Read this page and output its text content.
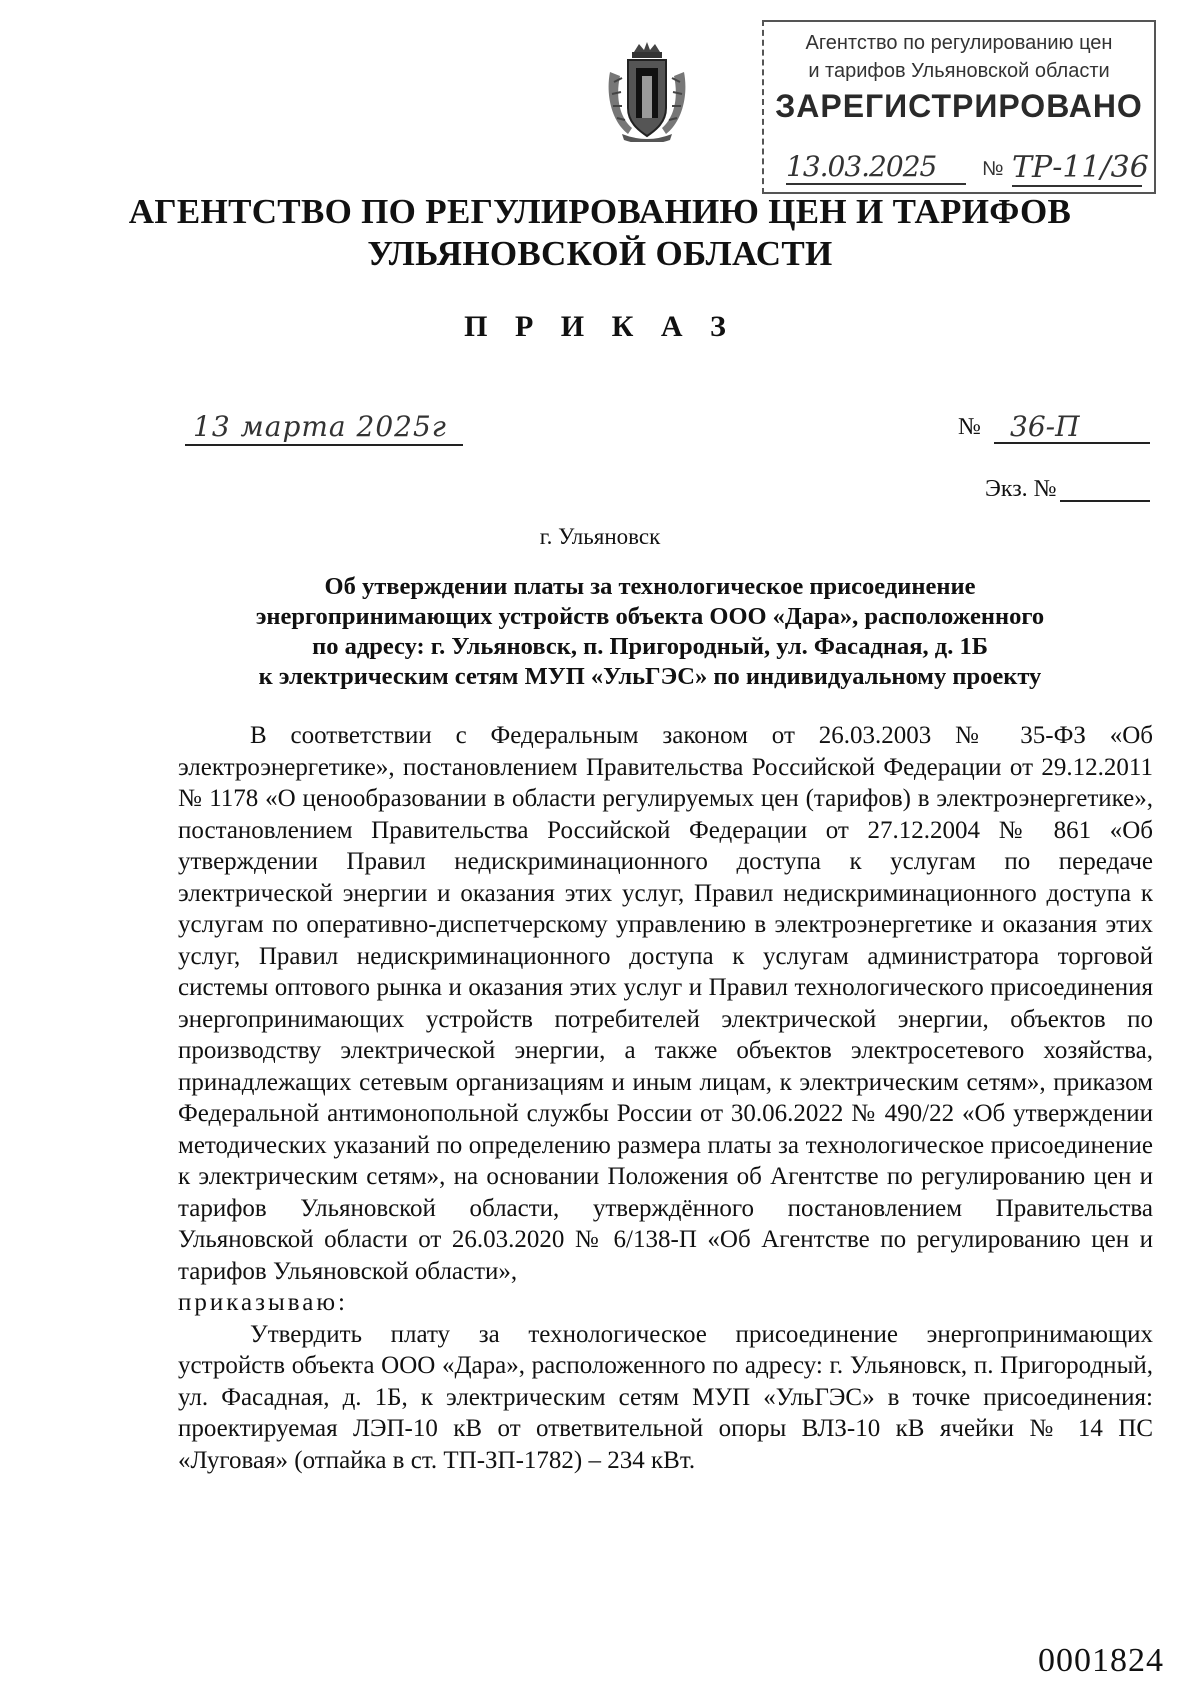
Агентство по регулированию цен
и тарифов Ульяновской области
ЗАРЕГИСТРИРОВАНО
13.03.2025	№ ТР-11/36
АГЕНТСТВО ПО РЕГУЛИРОВАНИЮ ЦЕН И ТАРИФОВ
УЛЬЯНОВСКОЙ ОБЛАСТИ
П Р И К А З
13 марта 2025г	№	36-П
Экз. №
г. Ульяновск
Об утверждении платы за технологическое присоединение
энергопринимающих устройств объекта ООО «Дара», расположенного
по адресу: г. Ульяновск, п. Пригородный, ул. Фасадная, д. 1Б
к электрическим сетям МУП «УльГЭС» по индивидуальному проекту

В соответствии с Федеральным законом от 26.03.2003 № 35-ФЗ «Об электроэнергетике», постановлением Правительства Российской Федерации от 29.12.2011 № 1178 «О ценообразовании в области регулируемых цен (тарифов) в электроэнергетике», постановлением Правительства Российской Федерации от 27.12.2004 № 861 «Об утверждении Правил недискриминационного доступа к услугам по передаче электрической энергии и оказания этих услуг, Правил недискриминационного доступа к услугам по оперативно-диспетчерскому управлению в электроэнергетике и оказания этих услуг, Правил недискриминационного доступа к услугам администратора торговой системы оптового рынка и оказания этих услуг и Правил технологического присоединения энергопринимающих устройств потребителей электрической энергии, объектов по производству электрической энергии, а также объектов электросетевого хозяйства, принадлежащих сетевым организациям и иным лицам, к электрическим сетям», приказом Федеральной антимонопольной службы России от 30.06.2022 № 490/22 «Об утверждении методических указаний по определению размера платы за технологическое присоединение к электрическим сетям», на основании Положения об Агентстве по регулированию цен и тарифов Ульяновской области, утверждённого постановлением Правительства Ульяновской области от 26.03.2020 № 6/138-П «Об Агентстве по регулированию цен и тарифов Ульяновской области»,

приказываю:

Утвердить плату за технологическое присоединение энергопринимающих устройств объекта ООО «Дара», расположенного по адресу: г. Ульяновск, п. Пригородный, ул. Фасадная, д. 1Б, к электрическим сетям МУП «УльГЭС» в точке присоединения: проектируемая ЛЭП-10 кВ от ответвительной опоры ВЛЗ-10 кВ ячейки № 14 ПС «Луговая» (отпайка в ст. ТП-ЗП-1782) – 234 кВт.

0001824
